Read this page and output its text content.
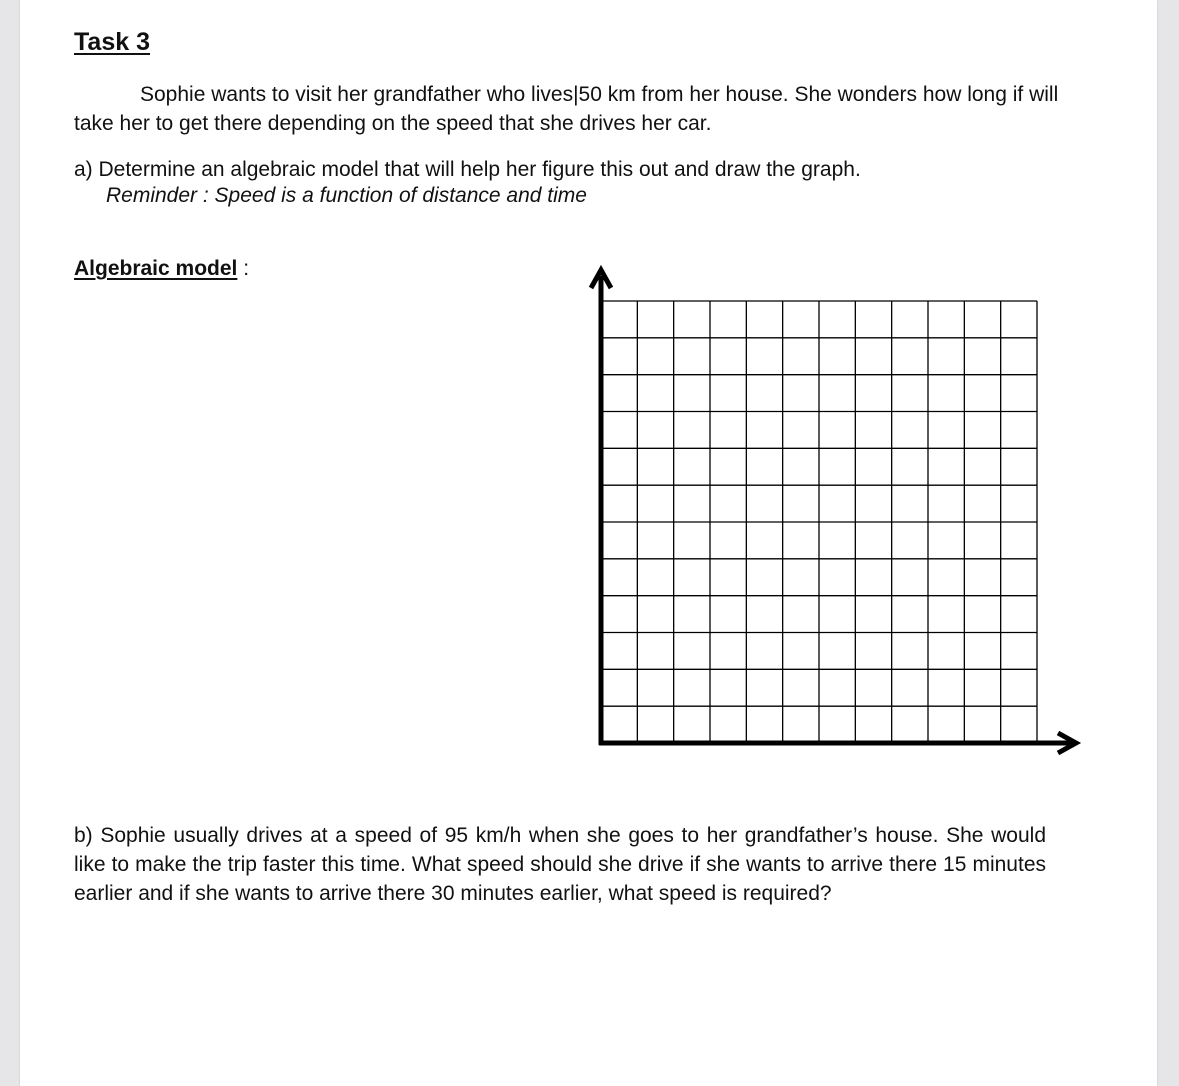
Task 3

Sophie wants to visit her grandfather who lives|50 km from her house. She wonders how long if will take her to get there depending on the speed that she drives her car.

a) Determine an algebraic model that will help her figure this out and draw the graph.
Reminder : Speed is a function of distance and time

Algebraic model :

b) Sophie usually drives at a speed of 95 km/h when she goes to her grandfather’s house. She would like to make the trip faster this time. What speed should she drive if she wants to arrive there 15 minutes earlier and if she wants to arrive there 30 minutes earlier, what speed is required?
